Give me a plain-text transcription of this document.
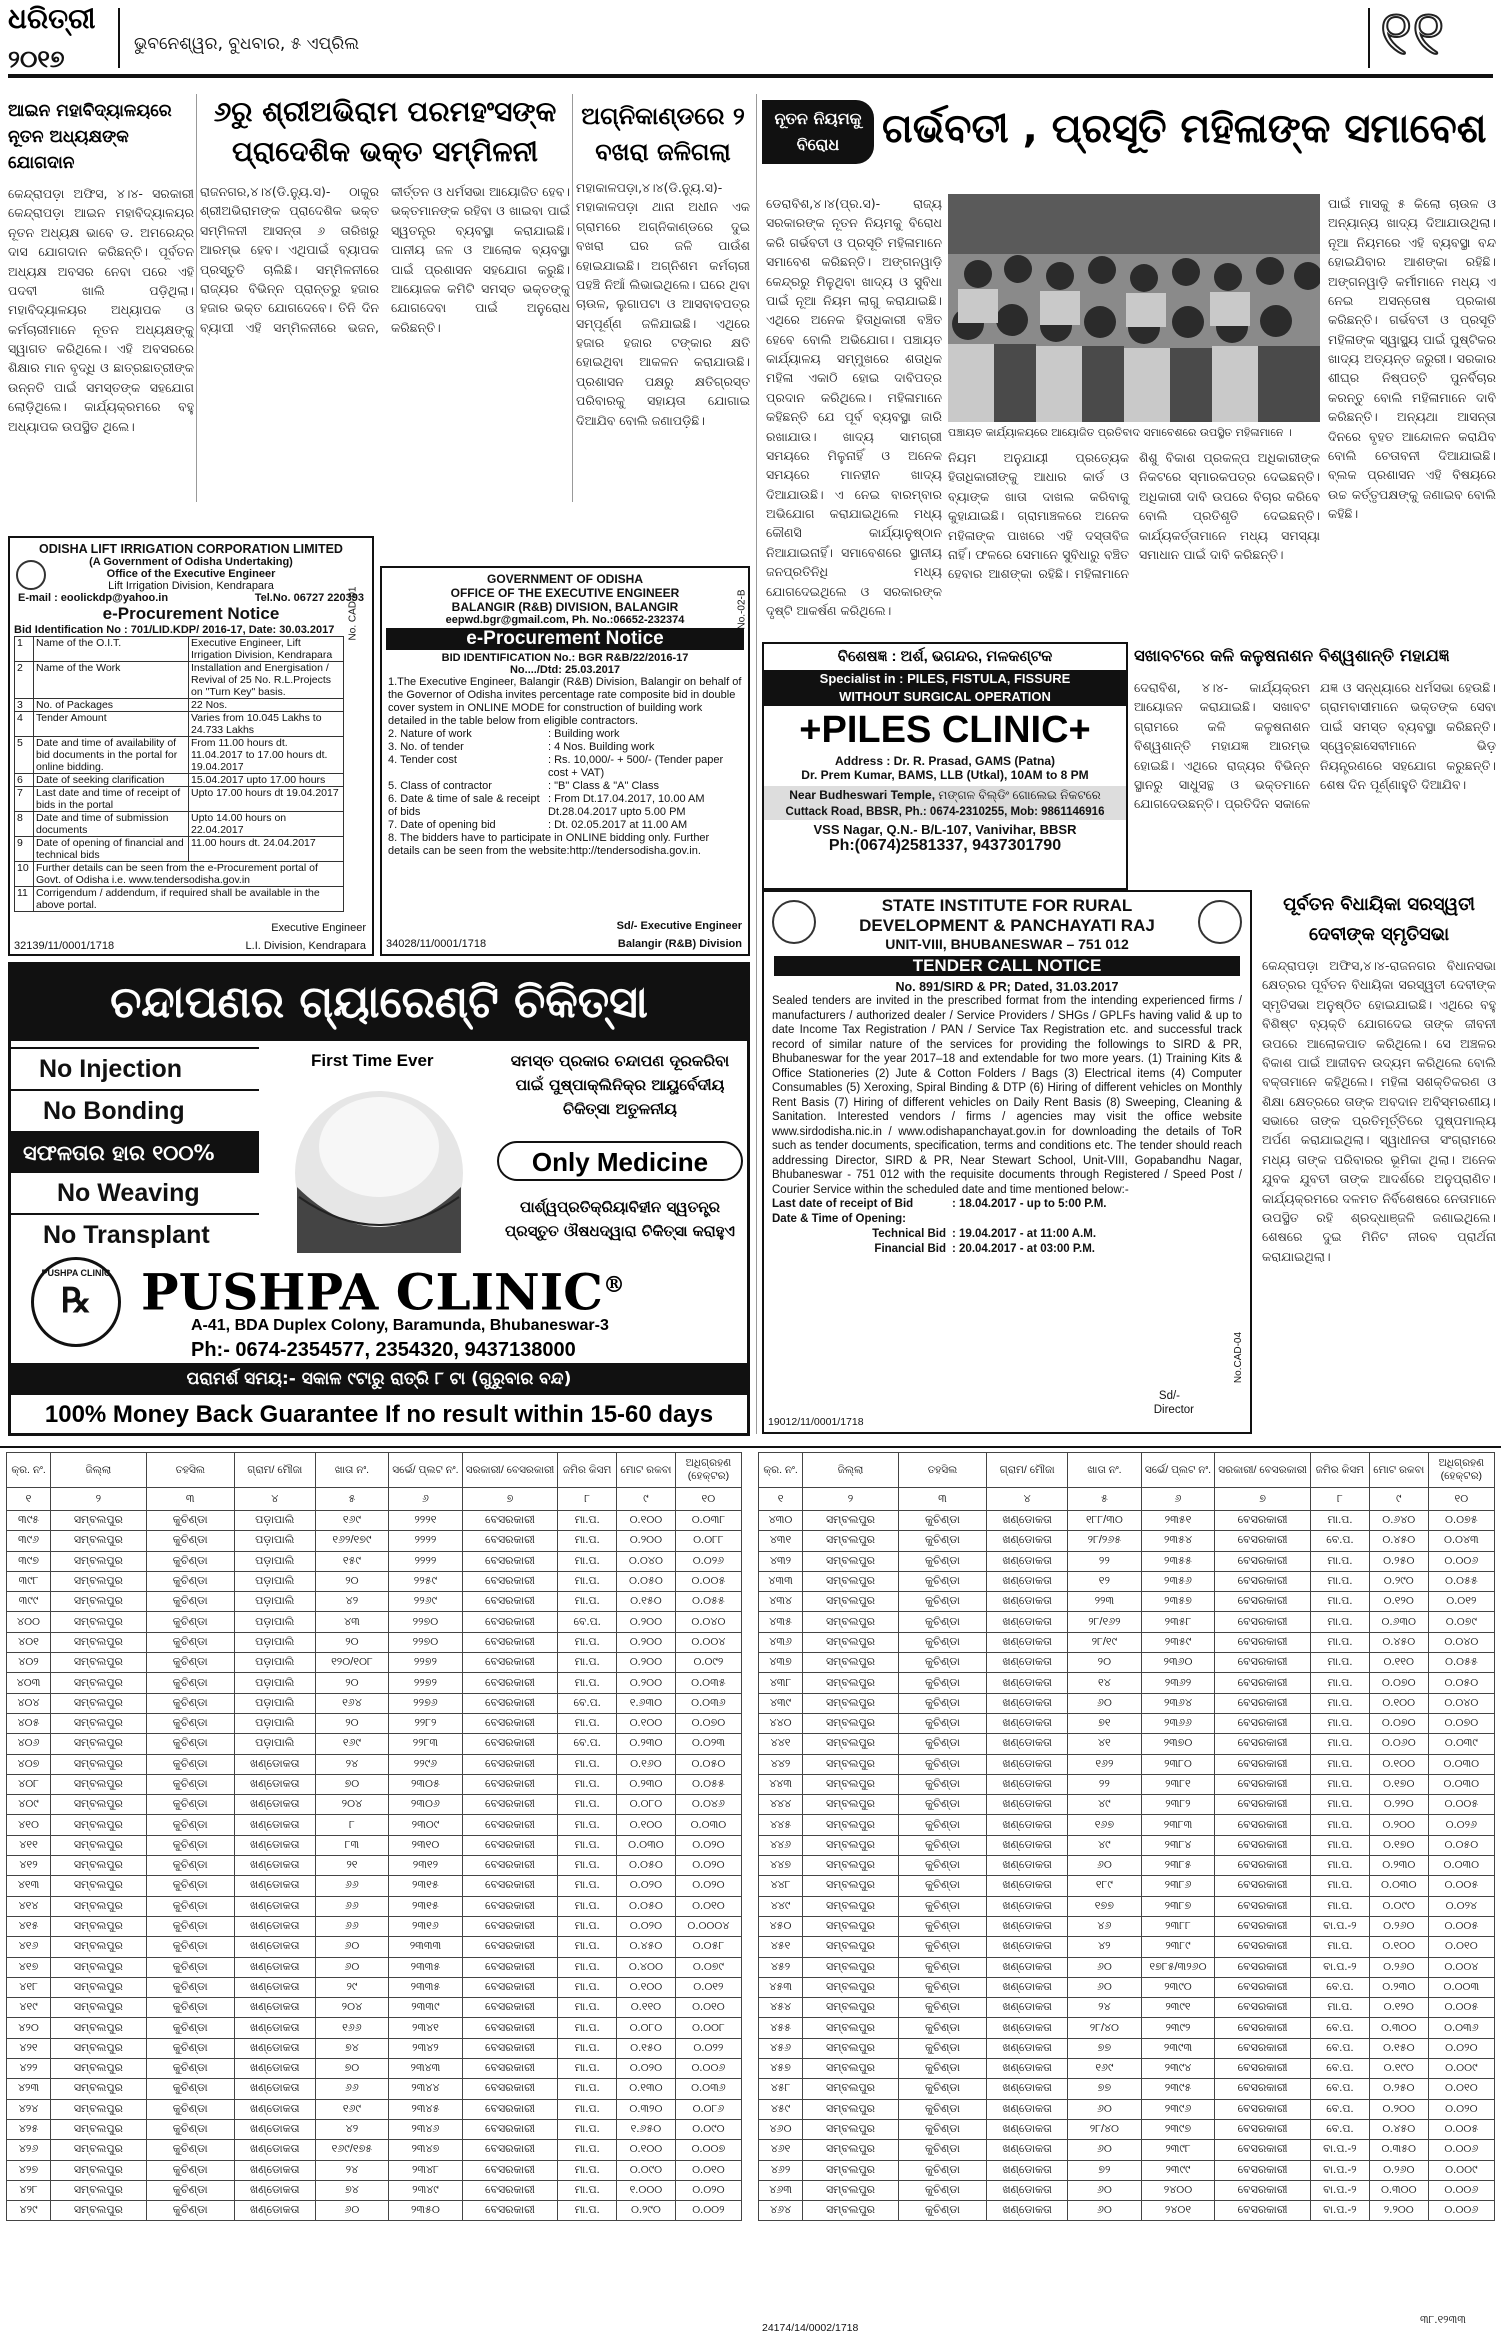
ଧରିତ୍ରୀ
୨୦୧୭	ଭୁବନେଶ୍ୱର, ବୁଧବାର, ୫ ଏପ୍ରିଲ	୧୧
ଆଇନ ମହାବିଦ୍ୟାଳୟରେ
ନୂତନ ଅଧ୍ୟକ୍ଷଙ୍କ ଯୋଗଦାନ
କେନ୍ଦ୍ରାପଡ଼ା ଅଫିସ, ୪।୪- ସରକାରୀ କେନ୍ଦ୍ରାପଡ଼ା ଆଇନ ମହାବିଦ୍ୟାଳୟର ନୂତନ ଅଧ୍ୟକ୍ଷ ଭାବେ ଡ. ଅମରେନ୍ଦ୍ର ଦାସ ଯୋଗଦାନ କରିଛନ୍ତି। ପୂର୍ବତନ ଅଧ୍ୟକ୍ଷ ଅବସର ନେବା ପରେ ଏହି ପଦବୀ ଖାଲି ପଡ଼ିଥିଲା। ମହାବିଦ୍ୟାଳୟର ଅଧ୍ୟାପକ ଓ କର୍ମଚାରୀମାନେ ନୂତନ ଅଧ୍ୟକ୍ଷଙ୍କୁ ସ୍ୱାଗତ କରିଥିଲେ। ଏହି ଅବସରରେ ଶିକ୍ଷାର ମାନ ବୃଦ୍ଧି ଓ ଛାତ୍ରଛାତ୍ରୀଙ୍କ ଉନ୍ନତି ପାଇଁ ସମସ୍ତଙ୍କ ସହଯୋଗ ଲୋଡ଼ିଥିଲେ। କାର୍ଯ୍ୟକ୍ରମରେ ବହୁ ଅଧ୍ୟାପକ ଉପସ୍ଥିତ ଥିଲେ।
୬ରୁ ଶ୍ରୀଅଭିରାମ ପରମହଂସଙ୍କ
ପ୍ରାଦେଶିକ ଭକ୍ତ ସମ୍ମିଳନୀ
ରାଜନଗର,୪।୪(ଡି.ନ୍ୟୁ.ସ)- ଠାକୁର ଶ୍ରୀଅଭିରାମଙ୍କ ପ୍ରାଦେଶିକ ଭକ୍ତ ସମ୍ମିଳନୀ ଆସନ୍ତା ୬ ତାରିଖରୁ ଆରମ୍ଭ ହେବ। ଏଥିପାଇଁ ବ୍ୟାପକ ପ୍ରସ୍ତୁତି ଚାଲିଛି। ସମ୍ମିଳନୀରେ ରାଜ୍ୟର ବିଭିନ୍ନ ପ୍ରାନ୍ତରୁ ହଜାର ହଜାର ଭକ୍ତ ଯୋଗଦେବେ। ତିନି ଦିନ ବ୍ୟାପୀ ଏହି ସମ୍ମିଳନୀରେ ଭଜନ, କୀର୍ତ୍ତନ ଓ ଧର୍ମସଭା ଆୟୋଜିତ ହେବ। ଭକ୍ତମାନଙ୍କ ରହିବା ଓ ଖାଇବା ପାଇଁ ସ୍ୱତନ୍ତ୍ର ବ୍ୟବସ୍ଥା କରାଯାଇଛି। ପାନୀୟ ଜଳ ଓ ଆଲୋକ ବ୍ୟବସ୍ଥା ପାଇଁ ପ୍ରଶାସନ ସହଯୋଗ କରୁଛି। ଆୟୋଜକ କମିଟି ସମସ୍ତ ଭକ୍ତଙ୍କୁ ଯୋଗଦେବା ପାଇଁ ଅନୁରୋଧ କରିଛନ୍ତି।
ଅଗ୍ନିକାଣ୍ଡରେ ୨
ବଖରା ଜଳିଗଲା
ମହାକାଳପଡ଼ା,୪।୪(ଡି.ନ୍ୟୁ.ସ)- ମହାକାଳପଡ଼ା ଥାନା ଅଧୀନ ଏକ ଗ୍ରାମରେ ଅଗ୍ନିକାଣ୍ଡରେ ଦୁଇ ବଖରା ଘର ଜଳି ପାଉଁଶ ହୋଇଯାଇଛି। ଅଗ୍ନିଶମ କର୍ମଚାରୀ ପହଞ୍ଚି ନିଆଁ ଲିଭାଇଥିଲେ। ଘରେ ଥିବା ଚାଉଳ, ଲୁଗାପଟା ଓ ଆସବାବପତ୍ର ସମ୍ପୂର୍ଣ୍ଣ ଜଳିଯାଇଛି। ଏଥିରେ ହଜାର ହଜାର ଟଙ୍କାର କ୍ଷତି ହୋଇଥିବା ଆକଳନ କରାଯାଉଛି। ପ୍ରଶାସନ ପକ୍ଷରୁ କ୍ଷତିଗ୍ରସ୍ତ ପରିବାରକୁ ସହାୟତା ଯୋଗାଇ ଦିଆଯିବ ବୋଲି ଜଣାପଡ଼ିଛି।
ନୂତନ ନିୟମକୁ
ବିରୋଧ	ଗର୍ଭବତୀ , ପ୍ରସୂତି ମହିଳାଙ୍କ ସମାବେଶ
ପଞ୍ଚାୟତ କାର୍ଯ୍ୟାଳୟରେ ଆୟୋଜିତ ପ୍ରତିବାଦ ସମାବେଶରେ ଉପସ୍ଥିତ ମହିଳାମାନେ ।
ଡେରାବିଶ,୪।୪(ପ୍ର.ସ)- ରାଜ୍ୟ ସରକାରଙ୍କ ନୂତନ ନିୟମକୁ ବିରୋଧ କରି ଗର୍ଭବତୀ ଓ ପ୍ରସୂତି ମହିଳାମାନେ ସମାବେଶ କରିଛନ୍ତି। ଅଙ୍ଗନୱାଡ଼ି କେନ୍ଦ୍ରରୁ ମିଳୁଥିବା ଖାଦ୍ୟ ଓ ସୁବିଧା ପାଇଁ ନୂଆ ନିୟମ ଲାଗୁ କରାଯାଇଛି। ଏଥିରେ ଅନେକ ହିତାଧିକାରୀ ବଞ୍ଚିତ ହେବେ ବୋଲି ଅଭିଯୋଗ। ପଞ୍ଚାୟତ କାର୍ଯ୍ୟାଳୟ ସମ୍ମୁଖରେ ଶତାଧିକ ମହିଳା ଏକାଠି ହୋଇ ଦାବିପତ୍ର ପ୍ରଦାନ କରିଥିଲେ। ମହିଳାମାନେ କହିଛନ୍ତି ଯେ ପୂର୍ବ ବ୍ୟବସ୍ଥା ଜାରି ରଖାଯାଉ। ଖାଦ୍ୟ ସାମଗ୍ରୀ ସମୟରେ ମିଳୁନାହିଁ ଓ ଅନେକ ସମୟରେ ମାନହୀନ ଖାଦ୍ୟ ଦିଆଯାଉଛି। ଏ ନେଇ ବାରମ୍ବାର ଅଭିଯୋଗ କରାଯାଇଥିଲେ ମଧ୍ୟ କୌଣସି କାର୍ଯ୍ୟାନୁଷ୍ଠାନ ନିଆଯାଇନାହିଁ। ସମାବେଶରେ ସ୍ଥାନୀୟ ଜନପ୍ରତିନିଧି ମଧ୍ୟ ଯୋଗଦେଇଥିଲେ ଓ ସରକାରଙ୍କ ଦୃଷ୍ଟି ଆକର୍ଷଣ କରିଥିଲେ।
ନିୟମ ଅନୁଯାୟୀ ପ୍ରତ୍ୟେକ ହିତାଧିକାରୀଙ୍କୁ ଆଧାର କାର୍ଡ ଓ ବ୍ୟାଙ୍କ ଖାତା ଦାଖଲ କରିବାକୁ କୁହାଯାଇଛି। ଗ୍ରାମାଞ୍ଚଳରେ ଅନେକ ମହିଳାଙ୍କ ପାଖରେ ଏହି ଦସ୍ତାବିଜ ନାହିଁ। ଫଳରେ ସେମାନେ ସୁବିଧାରୁ ବଞ୍ଚିତ ହେବାର ଆଶଙ୍କା ରହିଛି। ମହିଳାମାନେ ଶିଶୁ ବିକାଶ ପ୍ରକଳ୍ପ ଅଧିକାରୀଙ୍କ ନିକଟରେ ସ୍ମାରକପତ୍ର ଦେଇଛନ୍ତି। ଅଧିକାରୀ ଦାବି ଉପରେ ବିଚାର କରିବେ ବୋଲି ପ୍ରତିଶୃତି ଦେଇଛନ୍ତି। କାର୍ଯ୍ୟକର୍ତ୍ତାମାନେ ମଧ୍ୟ ସମସ୍ୟା ସମାଧାନ ପାଇଁ ଦାବି କରିଛନ୍ତି।
ପାଇଁ ମାସକୁ ୫ କିଲୋ ଚାଉଳ ଓ ଅନ୍ୟାନ୍ୟ ଖାଦ୍ୟ ଦିଆଯାଉଥିଲା। ନୂଆ ନିୟମରେ ଏହି ବ୍ୟବସ୍ଥା ବନ୍ଦ ହୋଇଯିବାର ଆଶଙ୍କା ରହିଛି। ଅଙ୍ଗନୱାଡ଼ି କର୍ମୀମାନେ ମଧ୍ୟ ଏ ନେଇ ଅସନ୍ତୋଷ ପ୍ରକାଶ କରିଛନ୍ତି। ଗର୍ଭବତୀ ଓ ପ୍ରସୂତି ମହିଳାଙ୍କ ସ୍ୱାସ୍ଥ୍ୟ ପାଇଁ ପୁଷ୍ଟିକର ଖାଦ୍ୟ ଅତ୍ୟନ୍ତ ଜରୁରୀ। ସରକାର ଶୀଘ୍ର ନିଷ୍ପତ୍ତି ପୁନର୍ବିଚାର କରନ୍ତୁ ବୋଲି ମହିଳାମାନେ ଦାବି କରିଛନ୍ତି। ଅନ୍ୟଥା ଆସନ୍ତା ଦିନରେ ବୃହତ ଆନ୍ଦୋଳନ କରାଯିବ ବୋଲି ଚେତାବନୀ ଦିଆଯାଇଛି। ବ୍ଲକ ପ୍ରଶାସନ ଏହି ବିଷୟରେ ଉଚ୍ଚ କର୍ତ୍ତୃପକ୍ଷଙ୍କୁ ଜଣାଇବ ବୋଲି କହିଛି।
ODISHA LIFT IRRIGATION CORPORATION LIMITED
(A Government of Odisha Undertaking)
Office of the Executive Engineer
Lift Irrigation Division, Kendrapara
E-mail : eoolickdp@yahoo.in	Tel.No. 06727 220393
e-Procurement Notice
Bid Identification No : 701/LID.KDP/ 2016-17, Date: 30.03.2017
1	Name of the O.I.T.	Executive Engineer, Lift Irrigation Division, Kendrapara
2	Name of the Work	Installation and Energisation / Revival of 25 No. R.L.Projects on "Turn Key" basis.
3	No. of Packages	22 Nos.
4	Tender Amount	Varies from 10.045 Lakhs to 24.733 Lakhs
5	Date and time of availability of bid documents in the portal for online bidding.	From 11.00 hours dt. 11.04.2017 to 17.00 hours dt. 19.04.2017
6	Date of seeking clarification	15.04.2017 upto 17.00 hours
7	Last date and time of receipt of bids in the portal	Upto 17.00 hours dt 19.04.2017
8	Date and time of submission documents	Upto 14.00 hours on 22.04.2017
9	Date of opening of financial and technical bids	11.00 hours dt. 24.04.2017
10	Further details can be seen from the e-Procurement portal of Govt. of Odisha i.e. www.tendersodisha.gov.in	
11	Corrigendum / addendum, if required shall be available in the above portal.	
No. CAD-01
Executive Engineer
32139/11/0001/1718	L.I. Division, Kendrapara
GOVERNMENT OF ODISHA
OFFICE OF THE EXECUTIVE ENGINEER
BALANGIR (R&B) DIVISION, BALANGIR
eepwd.bgr@gmail.com, Ph. No.:06652-232374
e-Procurement Notice
BID IDENTIFICATION No.: BGR R&B/22/2016-17
No..../Dtd: 25.03.2017
1.The Executive Engineer, Balangir (R&B) Division, Balangir on behalf of the Governor of Odisha invites percentage rate composite bid in double cover system in ONLINE MODE for construction of building work detailed in the table below from eligible contractors.
2. Nature of work	: Building work
3. No. of tender	: 4 Nos. Building work
4. Tender cost	: Rs. 10,000/- + 500/- (Tender paper cost + VAT)
5. Class of contractor	: "B" Class & "A" Class
6. Date & time of sale & receipt of bids
: From Dt.17.04.2017, 10.00 AM Dt.28.04.2017 upto 5.00 PM
7. Date of opening bid	: Dt. 02.05.2017 at 11.00 AM
8. The bidders have to participate in ONLINE bidding only. Further details can be seen from the website:http://tendersodisha.gov.in.
No.-02-B
Sd/- Executive Engineer
34028/11/0001/1718	Balangir (R&B) Division
ବିଶେଷଜ୍ଞ : ଅର୍ଶ, ଭଗନ୍ଦର, ମଳକଣ୍ଟକ
Specialist in : PILES, FISTULA, FISSURE
WITHOUT SURGICAL OPERATION
+PILES CLINIC+
Address : Dr. R. Prasad, GAMS (Patna)
Dr. Prem Kumar, BAMS, LLB (Utkal), 10AM to 8 PM
Near Budheswari Temple, ମଙ୍ଗଳ ବିଲ୍ଡିଂ ଗୋଲେଇ ନିକଟରେ
Cuttack Road, BBSR, Ph.: 0674-2310255, Mob: 9861146916
VSS Nagar, Q.N.- B/L-107, Vanivihar, BBSR
Ph:(0674)2581337, 9437301790
ସଖାବଟରେ କଳି କଳୁଷନାଶନ ବିଶ୍ୱଶାନ୍ତି ମହାଯଜ୍ଞ
ଦେରାବିଶ, ୪।୪- କାର୍ଯ୍ୟକ୍ରମ ଆୟୋଜନ କରାଯାଇଛି। ସଖାବଟ ଗ୍ରାମରେ କଳି କଳୁଷନାଶନ ବିଶ୍ୱଶାନ୍ତି ମହାଯଜ୍ଞ ଆରମ୍ଭ ହୋଇଛି। ଏଥିରେ ରାଜ୍ୟର ବିଭିନ୍ନ ସ୍ଥାନରୁ ସାଧୁସନ୍ଥ ଓ ଭକ୍ତମାନେ ଯୋଗଦେଉଛନ୍ତି। ପ୍ରତିଦିନ ସକାଳେ ଯଜ୍ଞ ଓ ସନ୍ଧ୍ୟାରେ ଧର୍ମସଭା ହେଉଛି। ଗ୍ରାମବାସୀମାନେ ଭକ୍ତଙ୍କ ସେବା ପାଇଁ ସମସ୍ତ ବ୍ୟବସ୍ଥା କରିଛନ୍ତି। ସ୍ୱେଚ୍ଛାସେବୀମାନେ ଭିଡ଼ ନିୟନ୍ତ୍ରଣରେ ସହଯୋଗ କରୁଛନ୍ତି। ଶେଷ ଦିନ ପୂର୍ଣ୍ଣାହୁତି ଦିଆଯିବ।
STATE INSTITUTE FOR RURAL
DEVELOPMENT & PANCHAYATI RAJ
UNIT-VIII, BHUBANESWAR – 751 012
TENDER CALL NOTICE
No. 891/SIRD & PR; Dated, 31.03.2017
Sealed tenders are invited in the prescribed format from the intending experienced firms / manufacturers / authorized dealer / Service Providers / SHGs / GPLFs having valid & up to date Income Tax Registration / PAN / Service Tax Registration etc. and successful track record of similar nature of the services for providing the followings to SIRD & PR, Bhubaneswar for the year 2017–18 and extendable for two more years. (1) Training Kits & Office Stationeries (2) Jute & Cotton Folders / Bags (3) Electrical items (4) Computer Consumables (5) Xeroxing, Spiral Binding & DTP (6) Hiring of different vehicles on Monthly Rent Basis (7) Hiring of different vehicles on Daily Rent Basis (8) Sweeping, Cleaning & Sanitation. Interested vendors / firms / agencies may visit the office website www.sirdodisha.nic.in / www.odishapanchayat.gov.in for downloading the details of ToR such as tender documents, specification, terms and conditions etc. The tender should reach addressing Director, SIRD & PR, Near Stewart School, Unit-VIII, Gopabandhu Nagar, Bhubaneswar - 751 012 with the requisite documents through Registered / Speed Post / Courier Service within the scheduled date and time mentioned below:-
Last date of receipt of Bid	: 18.04.2017 - up to 5:00 P.M.
Date & Time of Opening:
Technical Bid : 19.04.2017 - at 11:00 A.M.
Financial Bid : 20.04.2017 - at 03:00 P.M.
Sd/-
Director
19012/11/0001/1718
No.CAD-04
ପୂର୍ବତନ ବିଧାୟିକା ସରସ୍ୱତୀ
ଦେବୀଙ୍କ ସ୍ମୃତିସଭା
କେନ୍ଦ୍ରାପଡ଼ା ଅଫିସ,୪।୪-ରାଜନଗର ବିଧାନସଭା କ୍ଷେତ୍ରର ପୂର୍ବତନ ବିଧାୟିକା ସରସ୍ୱତୀ ଦେବୀଙ୍କ ସ୍ମୃତିସଭା ଅନୁଷ୍ଠିତ ହୋଇଯାଇଛି। ଏଥିରେ ବହୁ ବିଶିଷ୍ଟ ବ୍ୟକ୍ତି ଯୋଗଦେଇ ତାଙ୍କ ଜୀବନୀ ଉପରେ ଆଲୋକପାତ କରିଥିଲେ। ସେ ଅଞ୍ଚଳର ବିକାଶ ପାଇଁ ଆଜୀବନ ଉଦ୍ୟମ କରିଥିଲେ ବୋଲି ବକ୍ତାମାନେ କହିଥିଲେ। ମହିଳା ସଶକ୍ତିକରଣ ଓ ଶିକ୍ଷା କ୍ଷେତ୍ରରେ ତାଙ୍କ ଅବଦାନ ଅବିସ୍ମରଣୀୟ। ସଭାରେ ତାଙ୍କ ପ୍ରତିମୂର୍ତ୍ତିରେ ପୁଷ୍ପମାଲ୍ୟ ଅର୍ପଣ କରାଯାଇଥିଲା। ସ୍ୱାଧୀନତା ସଂଗ୍ରାମରେ ମଧ୍ୟ ତାଙ୍କ ପରିବାରର ଭୂମିକା ଥିଲା। ଅନେକ ଯୁବକ ଯୁବତୀ ତାଙ୍କ ଆଦର୍ଶରେ ଅନୁପ୍ରାଣିତ। କାର୍ଯ୍ୟକ୍ରମରେ ଦଳମତ ନିର୍ବିଶେଷରେ ନେତାମାନେ ଉପସ୍ଥିତ ରହି ଶ୍ରଦ୍ଧାଞ୍ଜଳି ଜଣାଇଥିଲେ। ଶେଷରେ ଦୁଇ ମିନିଟ ନୀରବ ପ୍ରାର୍ଥନା କରାଯାଇଥିଲା।
ଚନ୍ଦାପଣର ଗ୍ୟାରେଣ୍ଟି ଚିକିତ୍ସା
No Injection
No Bonding
ସଫଳତାର ହାର ୧୦୦%
No Weaving
No Transplant
First Time Ever	ସମସ୍ତ ପ୍ରକାର ଚନ୍ଦାପଣ ଦୂରକରିବା ପାଇଁ ପୁଷ୍ପାକ୍ଲିନିକ୍ର ଆୟୁର୍ବେଦୀୟ ଚିକିତ୍ସା ଅତୁଳନୀୟ
Only Medicine
ପାର୍ଶ୍ୱପ୍ରତିକ୍ରିୟାବିହୀନ ସ୍ୱତନ୍ତ୍ର ପ୍ରସ୍ତୁତ ଔଷଧଦ୍ୱାରା ଚିକିତ୍ସା କରାହୁଏ
PUSHPA CLINIC
℞ PUSHPA CLINIC®
A-41, BDA Duplex Colony, Baramunda, Bhubaneswar-3
Ph:- 0674-2354577, 2354320, 9437138000
ପରାମର୍ଶ ସମୟ:- ସକାଳ ୯ଟାରୁ ରାତ୍ରି ୮ ଟା (ଗୁରୁବାର ବନ୍ଦ)
100% Money Back Guarantee If no result within 15-60 days
କ୍ର. ନଂ.	ଜିଲ୍ଲା	ତହସିଲ	ଗ୍ରାମ/ ମୌଜା	ଖାତା ନଂ.	ସର୍ଭେ/ ପ୍ଲଟ ନଂ.	ସରକାରୀ/ ବେସରକାରୀ	ଜମିର କିସମ	ମୋଟ ରକବା	ଅଧିଗ୍ରହଣ (ହେକ୍ଟର)
୧	୨	୩	୪	୫	୬	୭	୮	୯	୧୦
୩୯୫	ସମ୍ବଲପୁର	କୁଚିଣ୍ଡା	ପଡ଼ାପାଲି	୧୬୯	୨୨୨୧	ବେସରକାରୀ	ମା.ପ.	୦.୧୦୦	୦.୦୩୮
୩୯୬	ସମ୍ବଲପୁର	କୁଚିଣ୍ଡା	ପଡ଼ାପାଲି	୧୬୨/୧୭୯	୨୨୨୨	ବେସରକାରୀ	ମା.ପ.	୦.୨୦୦	୦.୦୮୮
୩୯୭	ସମ୍ବଲପୁର	କୁଚିଣ୍ଡା	ପଡ଼ାପାଲି	୧୫୯	୨୨୨୨	ବେସରକାରୀ	ମା.ପ.	୦.୦୪୦	୦.୦୨୬
୩୯୮	ସମ୍ବଲପୁର	କୁଚିଣ୍ଡା	ପଡ଼ାପାଲି	୨୦	୨୨୫୯	ବେସରକାରୀ	ମା.ପ.	୦.୦୫୦	୦.୦୦୫
୩୯୯	ସମ୍ବଲପୁର	କୁଚିଣ୍ଡା	ପଡ଼ାପାଲି	୪୨	୨୨୬୯	ବେସରକାରୀ	ମା.ପ.	୦.୧୫୦	୦.୦୫୫
୪୦୦	ସମ୍ବଲପୁର	କୁଚିଣ୍ଡା	ପଡ଼ାପାଲି	୪୩	୨୨୭୦	ବେସରକାରୀ	ବେ.ପ.	୦.୨୦୦	୦.୦୪୦
୪୦୧	ସମ୍ବଲପୁର	କୁଚିଣ୍ଡା	ପଡ଼ାପାଲି	୨୦	୨୨୭୦	ବେସରକାରୀ	ମା.ପ.	୦.୨୦୦	୦.୦୦୪
୪୦୨	ସମ୍ବଲପୁର	କୁଚିଣ୍ଡା	ପଡ଼ାପାଲି	୧୨୦/୧୦୮	୨୨୭୨	ବେସରକାରୀ	ମା.ପ.	୦.୨୦୦	୦.୦୯୨
୪୦୩	ସମ୍ବଲପୁର	କୁଚିଣ୍ଡା	ପଡ଼ାପାଲି	୨୦	୨୨୭୨	ବେସରକାରୀ	ମା.ପ.	୦.୨୦୦	୦.୦୩୫
୪୦୪	ସମ୍ବଲପୁର	କୁଚିଣ୍ଡା	ପଡ଼ାପାଲି	୧୬୪	୨୨୭୬	ବେସରକାରୀ	ବେ.ପ.	୧.୬୩୦	୦.୦୩୬
୪୦୫	ସମ୍ବଲପୁର	କୁଚିଣ୍ଡା	ପଡ଼ାପାଲି	୨୦	୨୨୮୨	ବେସରକାରୀ	ମା.ପ.	୦.୧୦୦	୦.୦୭୦
୪୦୬	ସମ୍ବଲପୁର	କୁଚିଣ୍ଡା	ପଡ଼ାପାଲି	୧୬୯	୨୨୮୩	ବେସରକାରୀ	ବେ.ପ.	୦.୨୩୦	୦.୦୨୩
୪୦୭	ସମ୍ବଲପୁର	କୁଚିଣ୍ଡା	ଖଣ୍ଡୋକତା	୨୪	୨୨୯୬	ବେସରକାରୀ	ମା.ପ.	୦.୧୬୦	୦.୦୫୦
୪୦୮	ସମ୍ବଲପୁର	କୁଚିଣ୍ଡା	ଖଣ୍ଡୋକତା	୭୦	୨୩୦୫	ବେସରକାରୀ	ମା.ପ.	୦.୨୩୦	୦.୦୫୫
୪୦୯	ସମ୍ବଲପୁର	କୁଚିଣ୍ଡା	ଖଣ୍ଡୋକତା	୨୦୪	୨୩୦୬	ବେସରକାରୀ	ମା.ପ.	୦.୦୮୦	୦.୦୪୬
୪୧୦	ସମ୍ବଲପୁର	କୁଚିଣ୍ଡା	ଖଣ୍ଡୋକତା	୮	୨୩୦୯	ବେସରକାରୀ	ମା.ପ.	୦.୧୦୦	୦.୦୩୦
୪୧୧	ସମ୍ବଲପୁର	କୁଚିଣ୍ଡା	ଖଣ୍ଡୋକତା	୮୩	୨୩୧୦	ବେସରକାରୀ	ମା.ପ.	୦.୦୩୦	୦.୦୨୦
୪୧୨	ସମ୍ବଲପୁର	କୁଚିଣ୍ଡା	ଖଣ୍ଡୋକତା	୨୧	୨୩୧୨	ବେସରକାରୀ	ମା.ପ.	୦.୦୫୦	୦.୦୨୦
୪୧୩	ସମ୍ବଲପୁର	କୁଚିଣ୍ଡା	ଖଣ୍ଡୋକତା	୬୬	୨୩୧୫	ବେସରକାରୀ	ମା.ପ.	୦.୦୨୦	୦.୦୨୦
୪୧୪	ସମ୍ବଲପୁର	କୁଚିଣ୍ଡା	ଖଣ୍ଡୋକତା	୬୬	୨୩୧୫	ବେସରକାରୀ	ମା.ପ.	୦.୦୫୦	୦.୦୧୦
୪୧୫	ସମ୍ବଲପୁର	କୁଚିଣ୍ଡା	ଖଣ୍ଡୋକତା	୬୬	୨୩୧୬	ବେସରକାରୀ	ମା.ପ.	୦.୦୨୦	୦.୦୦୦୪
୪୧୬	ସମ୍ବଲପୁର	କୁଚିଣ୍ଡା	ଖଣ୍ଡୋକତା	୬୦	୨୩୩୩	ବେସରକାରୀ	ମା.ପ.	୦.୪୫୦	୦.୦୫୮
୪୧୭	ସମ୍ବଲପୁର	କୁଚିଣ୍ଡା	ଖଣ୍ଡୋକତା	୬୦	୨୩୩୫	ବେସରକାରୀ	ମା.ପ.	୦.୪୦୦	୦.୦୭୯
୪୧୮	ସମ୍ବଲପୁର	କୁଚିଣ୍ଡା	ଖଣ୍ଡୋକତା	୨୯	୨୩୩୫	ବେସରକାରୀ	ମା.ପ.	୦.୧୦୦	୦.୦୧୨
୪୧୯	ସମ୍ବଲପୁର	କୁଚିଣ୍ଡା	ଖଣ୍ଡୋକତା	୨୦୪	୨୩୩୯	ବେସରକାରୀ	ମା.ପ.	୦.୧୧୦	୦.୦୧୦
୪୨୦	ସମ୍ବଲପୁର	କୁଚିଣ୍ଡା	ଖଣ୍ଡୋକତା	୧୬୬	୨୩୪୧	ବେସରକାରୀ	ମା.ପ.	୦.୦୮୦	୦.୦୦୮
୪୨୧	ସମ୍ବଲପୁର	କୁଚିଣ୍ଡା	ଖଣ୍ଡୋକତା	୭୪	୨୩୪୨	ବେସରକାରୀ	ମା.ପ.	୦.୧୫୦	୦.୦୨୨
୪୨୨	ସମ୍ବଲପୁର	କୁଚିଣ୍ଡା	ଖଣ୍ଡୋକତା	୭୦	୨୩୪୩	ବେସରକାରୀ	ମା.ପ.	୦.୦୨୦	୦.୦୦୬
୪୨୩	ସମ୍ବଲପୁର	କୁଚିଣ୍ଡା	ଖଣ୍ଡୋକତା	୬୬	୨୩୪୪	ବେସରକାରୀ	ମା.ପ.	୦.୧୩୦	୦.୦୩୬
୪୨୪	ସମ୍ବଲପୁର	କୁଚିଣ୍ଡା	ଖଣ୍ଡୋକତା	୧୬୯	୨୩୪୫	ବେସରକାରୀ	ମା.ପ.	୦.୩୨୦	୦.୦୮୬
୪୨୫	ସମ୍ବଲପୁର	କୁଚିଣ୍ଡା	ଖଣ୍ଡୋକତା	୪୨	୨୩୪୬	ବେସରକାରୀ	ମା.ପ.	୧.୬୫୦	୦.୦୯୦
୪୨୬	ସମ୍ବଲପୁର	କୁଚିଣ୍ଡା	ଖଣ୍ଡୋକତା	୧୬୯/୧୭୫	୨୩୪୭	ବେସରକାରୀ	ମା.ପ.	୦.୧୦୦	୦.୦୦୭
୪୨୭	ସମ୍ବଲପୁର	କୁଚିଣ୍ଡା	ଖଣ୍ଡୋକତା	୨୪	୨୩୪୮	ବେସରକାରୀ	ମା.ପ.	୦.୦୯୦	୦.୦୧୦
୪୨୮	ସମ୍ବଲପୁର	କୁଚିଣ୍ଡା	ଖଣ୍ଡୋକତା	୭୪	୨୩୪୯	ବେସରକାରୀ	ମା.ପ.	୧.୦୦୦	୦.୦୨୦
୪୨୯	ସମ୍ବଲପୁର	କୁଚିଣ୍ଡା	ଖଣ୍ଡୋକତା	୬୦	୨୩୫୦	ବେସରକାରୀ	ମା.ପ.	୦.୨୯୦	୦.୦୦୨
କ୍ର. ନଂ.	ଜିଲ୍ଲା	ତହସିଲ	ଗ୍ରାମ/ ମୌଜା	ଖାତା ନଂ.	ସର୍ଭେ/ ପ୍ଲଟ ନଂ.	ସରକାରୀ/ ବେସରକାରୀ	ଜମିର କିସମ	ମୋଟ ରକବା	ଅଧିଗ୍ରହଣ (ହେକ୍ଟର)
୧	୨	୩	୪	୫	୬	୭	୮	୯	୧୦
୪୩୦	ସମ୍ବଲପୁର	କୁଚିଣ୍ଡା	ଖଣ୍ଡୋକତା	୧୮୮/୩୦	୨୩୫୧	ବେସରକାରୀ	ମା.ପ.	୦.୬୪୦	୦.୦୭୫
୪୩୧	ସମ୍ବଲପୁର	କୁଚିଣ୍ଡା	ଖଣ୍ଡୋକତା	୨୮/୨୬୫	୨୩୫୪	ବେସରକାରୀ	ବେ.ପ.	୦.୪୫୦	୦.୦୪୩
୪୩୨	ସମ୍ବଲପୁର	କୁଚିଣ୍ଡା	ଖଣ୍ଡୋକତା	୨୨	୨୩୫୫	ବେସରକାରୀ	ମା.ପ.	୦.୨୫୦	୦.୦୦୬
୪୩୩	ସମ୍ବଲପୁର	କୁଚିଣ୍ଡା	ଖଣ୍ଡୋକତା	୧୨	୨୩୫୬	ବେସରକାରୀ	ମା.ପ.	୦.୨୯୦	୦.୦୫୫
୪୩୪	ସମ୍ବଲପୁର	କୁଚିଣ୍ଡା	ଖଣ୍ଡୋକତା	୨୨୩	୨୩୫୭	ବେସରକାରୀ	ମା.ପ.	୦.୧୨୦	୦.୦୧୨
୪୩୫	ସମ୍ବଲପୁର	କୁଚିଣ୍ଡା	ଖଣ୍ଡୋକତା	୨୮/୧୬୨	୨୩୫୮	ବେସରକାରୀ	ମା.ପ.	୦.୬୩୦	୦.୦୭୯
୪୩୬	ସମ୍ବଲପୁର	କୁଚିଣ୍ଡା	ଖଣ୍ଡୋକତା	୨୮/୧୯	୨୩୫୯	ବେସରକାରୀ	ମା.ପ.	୦.୪୫୦	୦.୦୪୦
୪୩୭	ସମ୍ବଲପୁର	କୁଚିଣ୍ଡା	ଖଣ୍ଡୋକତା	୨୦	୨୩୬୦	ବେସରକାରୀ	ମା.ପ.	୦.୧୧୦	୦.୦୫୫
୪୩୮	ସମ୍ବଲପୁର	କୁଚିଣ୍ଡା	ଖଣ୍ଡୋକତା	୧୪	୨୩୬୨	ବେସରକାରୀ	ମା.ପ.	୦.୦୭୦	୦.୦୫୦
୪୩୯	ସମ୍ବଲପୁର	କୁଚିଣ୍ଡା	ଖଣ୍ଡୋକତା	୬୦	୨୩୬୪	ବେସରକାରୀ	ମା.ପ.	୦.୧୦୦	୦.୦୪୦
୪୪୦	ସମ୍ବଲପୁର	କୁଚିଣ୍ଡା	ଖଣ୍ଡୋକତା	୭୧	୨୩୬୬	ବେସରକାରୀ	ମା.ପ.	୦.୦୭୦	୦.୦୭୦
୪୪୧	ସମ୍ବଲପୁର	କୁଚିଣ୍ଡା	ଖଣ୍ଡୋକତା	୪୧	୨୩୭୦	ବେସରକାରୀ	ମା.ପ.	୦.୦୬୦	୦.୦୩୯
୪୪୨	ସମ୍ବଲପୁର	କୁଚିଣ୍ଡା	ଖଣ୍ଡୋକତା	୧୬୨	୨୩୮୦	ବେସରକାରୀ	ମା.ପ.	୦.୧୦୦	୦.୦୩୦
୪୪୩	ସମ୍ବଲପୁର	କୁଚିଣ୍ଡା	ଖଣ୍ଡୋକତା	୨୨	୨୩୮୧	ବେସରକାରୀ	ମା.ପ.	୦.୧୭୦	୦.୦୩୦
୪୪୪	ସମ୍ବଲପୁର	କୁଚିଣ୍ଡା	ଖଣ୍ଡୋକତା	୪୯	୨୩୮୨	ବେସରକାରୀ	ମା.ପ.	୦.୨୨୦	୦.୦୦୫
୪୪୫	ସମ୍ବଲପୁର	କୁଚିଣ୍ଡା	ଖଣ୍ଡୋକତା	୧୬୭	୨୩୮୩	ବେସରକାରୀ	ମା.ପ.	୦.୨୦୦	୦.୦୨୬
୪୪୬	ସମ୍ବଲପୁର	କୁଚିଣ୍ଡା	ଖଣ୍ଡୋକତା	୪୯	୨୩୮୪	ବେସରକାରୀ	ମା.ପ.	୦.୧୭୦	୦.୦୫୦
୪୪୭	ସମ୍ବଲପୁର	କୁଚିଣ୍ଡା	ଖଣ୍ଡୋକତା	୬୦	୨୩୮୫	ବେସରକାରୀ	ମା.ପ.	୦.୨୩୦	୦.୦୩୦
୪୪୮	ସମ୍ବଲପୁର	କୁଚିଣ୍ଡା	ଖଣ୍ଡୋକତା	୧୮୯	୨୩୮୬	ବେସରକାରୀ	ମା.ପ.	୦.୦୩୦	୦.୦୦୫
୪୪୯	ସମ୍ବଲପୁର	କୁଚିଣ୍ଡା	ଖଣ୍ଡୋକତା	୧୭୭	୨୩୮୭	ବେସରକାରୀ	ମା.ପ.	୦.୦୯୦	୦.୦୨୪
୪୫୦	ସମ୍ବଲପୁର	କୁଚିଣ୍ଡା	ଖଣ୍ଡୋକତା	୪୬	୨୩୮୮	ବେସରକାରୀ	ବା.ପ.-୨	୦.୨୬୦	୦.୦୦୫
୪୫୧	ସମ୍ବଲପୁର	କୁଚିଣ୍ଡା	ଖଣ୍ଡୋକତା	୪୨	୨୩୮୯	ବେସରକାରୀ	ମା.ପ.	୦.୧୦୦	୦.୦୧୦
୪୫୨	ସମ୍ବଲପୁର	କୁଚିଣ୍ଡା	ଖଣ୍ଡୋକତା	୬୦	୧୭୮୫/୩୨୬୦	ବେସରକାରୀ	ବା.ପ.-୨	୦.୨୬୦	୦.୦୦୪
୪୫୩	ସମ୍ବଲପୁର	କୁଚିଣ୍ଡା	ଖଣ୍ଡୋକତା	୬୦	୨୩୯୦	ବେସରକାରୀ	ବେ.ପ.	୦.୨୩୦	୦.୦୦୩
୪୫୪	ସମ୍ବଲପୁର	କୁଚିଣ୍ଡା	ଖଣ୍ଡୋକତା	୨୪	୨୩୯୧	ବେସରକାରୀ	ମା.ପ.	୦.୧୨୦	୦.୦୦୫
୪୫୫	ସମ୍ବଲପୁର	କୁଚିଣ୍ଡା	ଖଣ୍ଡୋକତା	୨୮/୪୦	୨୩୯୨	ବେସରକାରୀ	ବେ.ପ.	୦.୩୦୦	୦.୦୩୬
୪୫୬	ସମ୍ବଲପୁର	କୁଚିଣ୍ଡା	ଖଣ୍ଡୋକତା	୭୭	୨୩୯୩	ବେସରକାରୀ	ବେ.ପ.	୦.୧୫୦	୦.୦୨୦
୪୫୭	ସମ୍ବଲପୁର	କୁଚିଣ୍ଡା	ଖଣ୍ଡୋକତା	୧୬୯	୨୩୯୪	ବେସରକାରୀ	ବେ.ପ.	୦.୧୯୦	୦.୦୦୯
୪୫୮	ସମ୍ବଲପୁର	କୁଚିଣ୍ଡା	ଖଣ୍ଡୋକତା	୭୭	୨୩୯୫	ବେସରକାରୀ	ବେ.ପ.	୦.୨୫୦	୦.୦୧୦
୪୫୯	ସମ୍ବଲପୁର	କୁଚିଣ୍ଡା	ଖଣ୍ଡୋକତା	୬୦	୨୩୯୬	ବେସରକାରୀ	ବେ.ପ.	୦.୨୦୦	୦.୦୨୦
୪୬୦	ସମ୍ବଲପୁର	କୁଚିଣ୍ଡା	ଖଣ୍ଡୋକତା	୨୮/୪୦	୨୩୯୭	ବେସରକାରୀ	ବେ.ପ.	୦.୪୫୦	୦.୦୦୫
୪୬୧	ସମ୍ବଲପୁର	କୁଚିଣ୍ଡା	ଖଣ୍ଡୋକତା	୬୦	୨୩୯୮	ବେସରକାରୀ	ବା.ପ.-୨	୦.୩୫୦	୦.୦୦୬
୪୬୨	ସମ୍ବଲପୁର	କୁଚିଣ୍ଡା	ଖଣ୍ଡୋକତା	୭୨	୨୩୯୯	ବେସରକାରୀ	ବା.ପ.-୨	୦.୨୬୦	୦.୦୦୯
୪୬୩	ସମ୍ବଲପୁର	କୁଚିଣ୍ଡା	ଖଣ୍ଡୋକତା	୬୦	୨୪୦୦	ବେସରକାରୀ	ବା.ପ.-୨	୦.୩୦୦	୦.୦୦୬
୪୬୪	ସମ୍ବଲପୁର	କୁଚିଣ୍ଡା	ଖଣ୍ଡୋକତା	୬୦	୨୪୦୧	ବେସରକାରୀ	ବା.ପ.-୨	୨.୨୦୦	୦.୦୦୬
୩୮.୧୨୩୩
24174/14/0002/1718
